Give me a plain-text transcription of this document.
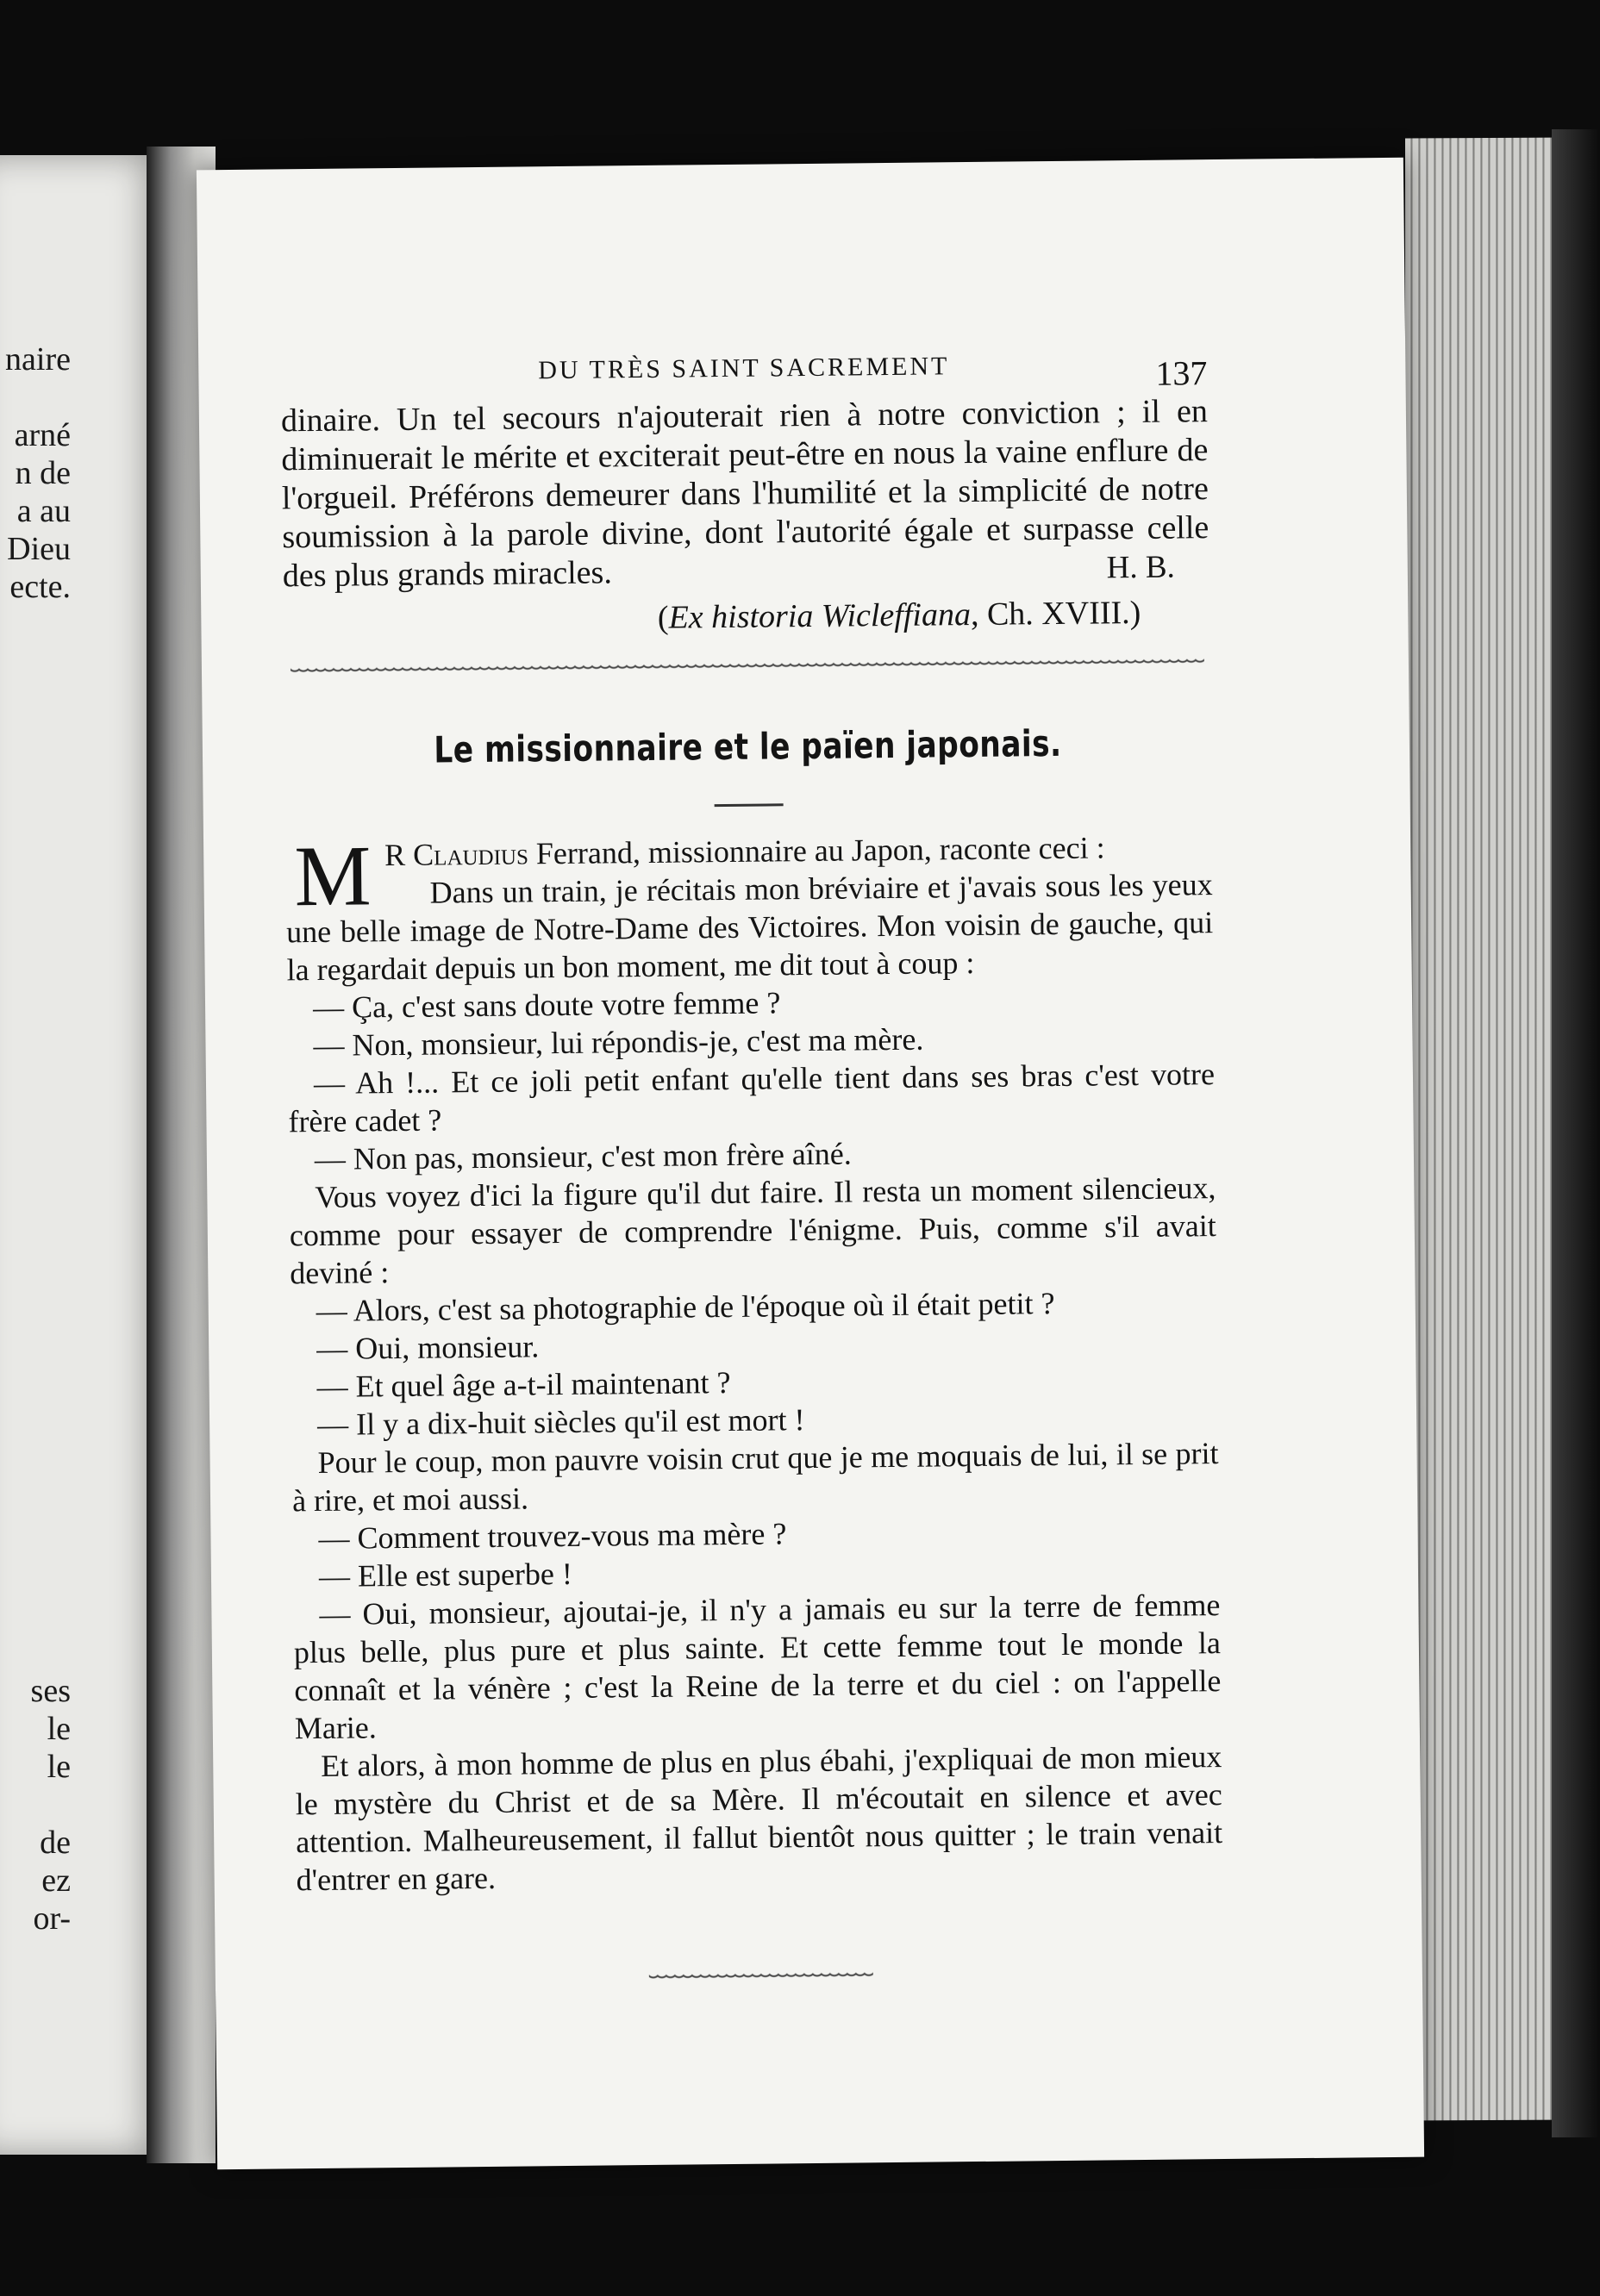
naire

arné
n de
a au
Dieu
ecte.
ses
le
le

de
ez
or-
DU TRÈS SAINT SACREMENT	137

dinaire. Un tel secours n'ajouterait rien à notre conviction ; il en diminuerait le mérite et exciterait peut-être en nous la vaine enflure de l'orgueil. Préférons demeurer dans l'humilité et la simplicité de notre soumission à la parole divine, dont l'autorité égale et surpasse celle des plus grands miracles.	H. B.
(Ex historia Wicleffiana, Ch. XVIII.)
Le missionnaire et le païen japonais.
M R Claudius Ferrand, missionnaire au Japon, raconte ceci :

Dans un train, je récitais mon bréviaire et j'avais sous les yeux une belle image de Notre-Dame des Victoires. Mon voisin de gauche, qui la regardait depuis un bon moment, me dit tout à coup :

— Ça, c'est sans doute votre femme ?

— Non, monsieur, lui répondis-je, c'est ma mère.

— Ah !... Et ce joli petit enfant qu'elle tient dans ses bras c'est votre frère cadet ?

— Non pas, monsieur, c'est mon frère aîné.

Vous voyez d'ici la figure qu'il dut faire. Il resta un moment silencieux, comme pour essayer de comprendre l'énigme. Puis, comme s'il avait deviné :

— Alors, c'est sa photographie de l'époque où il était petit ?

— Oui, monsieur.

— Et quel âge a-t-il maintenant ?

— Il y a dix-huit siècles qu'il est mort !

Pour le coup, mon pauvre voisin crut que je me moquais de lui, il se prit à rire, et moi aussi.

— Comment trouvez-vous ma mère ?

— Elle est superbe !

— Oui, monsieur, ajoutai-je, il n'y a jamais eu sur la terre de femme plus belle, plus pure et plus sainte. Et cette femme tout le monde la connaît et la vénère ; c'est la Reine de la terre et du ciel : on l'appelle Marie.

Et alors, à mon homme de plus en plus ébahi, j'expliquai de mon mieux le mystère du Christ et de sa Mère. Il m'écoutait en silence et avec attention. Malheureusement, il fallut bientôt nous quitter ; le train venait d'entrer en gare.
